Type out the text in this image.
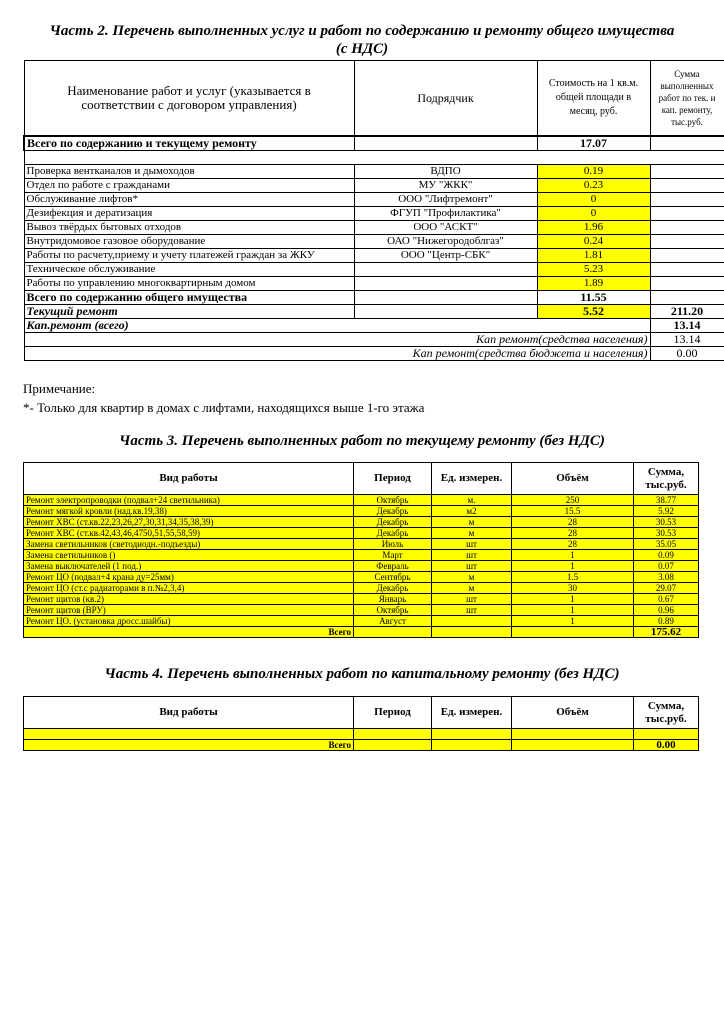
Часть 2. Перечень выполненных услуг и работ по содержанию и ремонту общего имущества
(с НДС)
Наименование работ и услуг (указывается в соответствии с договором управления)	Подрядчик	Стоимость на 1 кв.м. общей площади в месяц, руб.	Сумма выполненных работ по тек. и кап. ремонту, тыс.руб.
Всего по содержанию и текущему ремонту		17.07	

Проверка вентканалов и дымоходов	ВДПО	0.19	
Отдел по работе с гражданами	МУ "ЖКК"	0.23	
Обслуживание лифтов*	ООО "Лифтремонт"	0	
Дезифекция и дератизация	ФГУП "Профилактика"	0	
Вывоз твёрдых бытовых отходов	ООО "АСКТ"	1.96	
Внутридомовое газовое оборудование	ОАО "Нижегородоблгаз"	0.24	
Работы по расчету,приему и учету платежей граждан за ЖКУ	ООО "Центр-СБК"	1.81	
Техническое обслуживание		5.23	
Работы по управлению многоквартирным домом		1.89	
Всего по содержанию общего имущества		11.55	
Текущий ремонт		5.52	211.20
Кап.ремонт (всего)			13.14
Кап ремонт(средства населения)			13.14
Кап ремонт(средства бюджета и населения)			0.00
Примечание:
*- Только для квартир в домах с лифтами, находящихся выше 1-го этажа
Часть 3. Перечень выполненных работ по текущему ремонту (без НДС)
Вид работы	Период	Ед. измерен.	Объём	Сумма, тыс.руб.
Ремонт электропроводки (подвал+24 светильника)	Октябрь	м.	250	38.77
Ремонт мягкой кровли (над.кв.19,38)	Декабрь	м2	15.5	5.92
Ремонт ХВС (ст.кв.22,23,26,27,30,31,34,35,38,39)	Декабрь	м	28	30.53
Ремонт ХВС (ст.кв.42,43,46,4750,51,55,58,59)	Декабрь	м	28	30.53
Замена светильников (светодиодн.-подъезды)	Июль	шт	28	35.05
Замена светильников ()	Март	шт	1	0.09
Замена выключателей (1 под.)	Февраль	шт	1	0.07
Ремонт ЦО (подвал+4 крана ду=25мм)	Сентябрь	м	1.5	3.08
Ремонт ЦО (ст.с радиаторами в п.№2,3,4)	Декабрь	м	30	29.07
Ремонт щитов (кв.2)	Январь	шт	1	0.67
Ремонт щитов (ВРУ)	Октябрь	шт	1	0.96
Ремонт ЦО. (установка дросс.шайбы)	Август		1	0.89
Всего				175.62
Часть 4. Перечень выполненных работ по капитальному ремонту (без НДС)
Вид работы	Период	Ед. измерен.	Объём	Сумма, тыс.руб.

Всего				0.00
